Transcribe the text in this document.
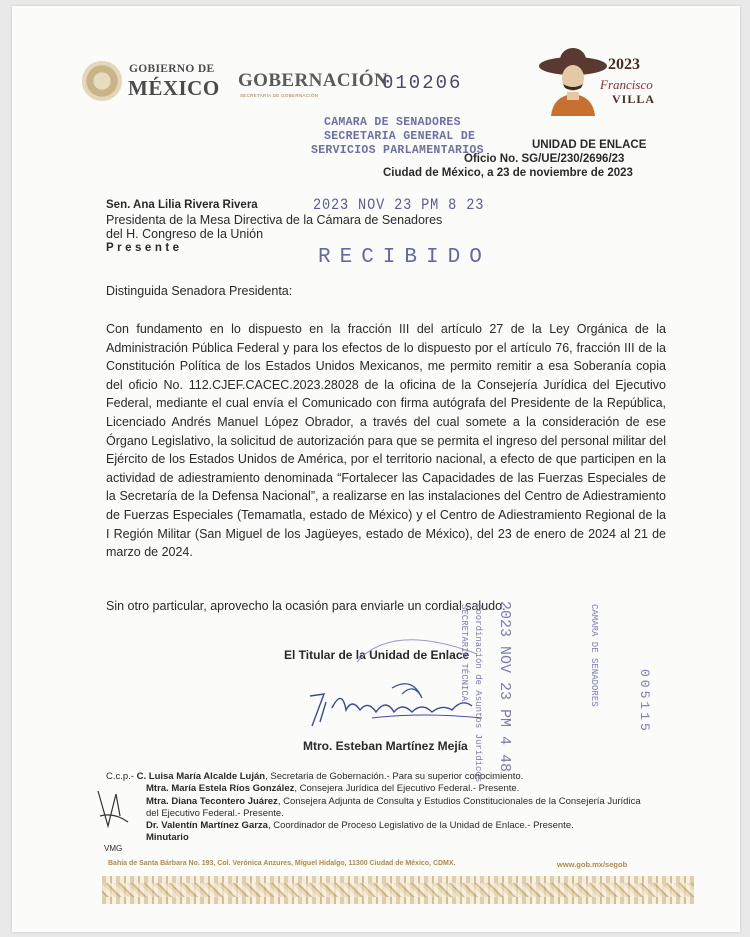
GOBIERNO DE
MÉXICO GOBERNACIÓN
SECRETARÍA DE GOBERNACIÓN
010206
2023
Francisco
VILLA
CAMARA DE SENADORES
SECRETARIA GENERAL DE
SERVICIOS PARLAMENTARIOS	UNIDAD DE ENLACE
Oficio No. SG/UE/230/2696/23
Ciudad de México, a 23 de noviembre de 2023
Sen. Ana Lilia Rivera Rivera	2023 NOV 23 PM 8 23
Presidenta de la Mesa Directiva de la Cámara de Senadores
del H. Congreso de la Unión
Presente	RECIBIDO
Distinguida Senadora Presidenta:
Con fundamento en lo dispuesto en la fracción III del artículo 27 de la Ley Orgánica de la Administración Pública Federal y para los efectos de lo dispuesto por el artículo 76, fracción III de la Constitución Política de los Estados Unidos Mexicanos, me permito remitir a esa Soberanía copia del oficio No. 112.CJEF.CACEC.2023.28028 de la oficina de la Consejería Jurídica del Ejecutivo Federal, mediante el cual envía el Comunicado con firma autógrafa del Presidente de la República, Licenciado Andrés Manuel López Obrador, a través del cual somete a la consideración de ese Órgano Legislativo, la solicitud de autorización para que se permita el ingreso del personal militar del Ejército de los Estados Unidos de América, por el territorio nacional, a efecto de que participen en la actividad de adiestramiento denominada “Fortalecer las Capacidades de las Fuerzas Especiales de la Secretaría de la Defensa Nacional”, a realizarse en las instalaciones del Centro de Adiestramiento de Fuerzas Especiales (Temamatla, estado de México) y el Centro de Adiestramiento Regional de la I Región Militar (San Miguel de los Jagüeyes, estado de México), del 23 de enero de 2024 al 21 de marzo de 2024.
Sin otro particular, aprovecho la ocasión para enviarle un cordial saludo.
El Titular de la Unidad de Enlace
Mtro. Esteban Martínez Mejía 2023 NOV 23 PM 4 48
Coordinación de Asuntos Jurídicos
SECRETARIA TÉCNICA	CAMARA DE SENADORES	005115
C.c.p.- C. Luisa María Alcalde Luján, Secretaria de Gobernación.- Para su superior conocimiento.
Mtra. María Estela Ríos González, Consejera Jurídica del Ejecutivo Federal.- Presente.
Mtra. Diana Tecontero Juárez, Consejera Adjunta de Consulta y Estudios Constitucionales de la Consejería Jurídica
del Ejecutivo Federal.- Presente.
Dr. Valentín Martínez Garza, Coordinador de Proceso Legislativo de la Unidad de Enlace.- Presente.
Minutario
VMG
Bahía de Santa Bárbara No. 193, Col. Verónica Anzures, Miguel Hidalgo, 11300 Ciudad de México, CDMX.	www.gob.mx/segob
